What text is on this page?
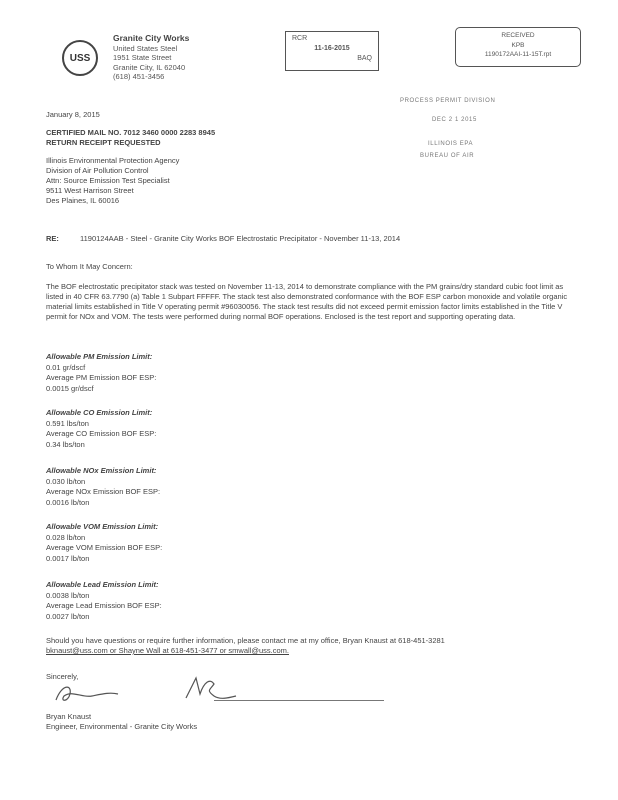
USS
Granite City Works
United States Steel
1951 State Street
Granite City, IL 62040
(618) 451-3456
RCR
11-16-2015
BAQ
RECEIVED
KPB
1190172AAI-11-15T.rpt
PROCESS PERMIT DIVISION
DEC 2 1 2015
ILLINOIS EPA
BUREAU OF AIR
January 8, 2015
CERTIFIED MAIL NO. 7012 3460 0000 2283 8945
RETURN RECEIPT REQUESTED
Illinois Environmental Protection Agency
Division of Air Pollution Control
Attn: Source Emission Test Specialist
9511 West Harrison Street
Des Plaines, IL 60016
RE:	1190124AAB - Steel - Granite City Works BOF Electrostatic Precipitator - November 11-13, 2014
To Whom It May Concern:
The BOF electrostatic precipitator stack was tested on November 11-13, 2014 to demonstrate compliance with the PM grains/dry standard cubic foot limit as listed in 40 CFR 63.7790 (a) Table 1 Subpart FFFFF. The stack test also demonstrated conformance with the BOF ESP carbon monoxide and volatile organic material limits established in Title V operating permit #96030056. The stack test results did not exceed permit emission factor limits established in the Title V permit for NOx and VOM. The tests were performed during normal BOF operations. Enclosed is the test report and supporting operating data.
Allowable PM Emission Limit:
0.01 gr/dscf
Average PM Emission BOF ESP:
0.0015 gr/dscf
Allowable CO Emission Limit:
0.591 lbs/ton
Average CO Emission BOF ESP:
0.34 lbs/ton
Allowable NOx Emission Limit:
0.030 lb/ton
Average NOx Emission BOF ESP:
0.0016 lb/ton
Allowable VOM Emission Limit:
0.028 lb/ton
Average VOM Emission BOF ESP:
0.0017 lb/ton
Allowable Lead Emission Limit:
0.0038 lb/ton
Average Lead Emission BOF ESP:
0.0027 lb/ton
Should you have questions or require further information, please contact me at my office, Bryan Knaust at 618-451-3281
bknaust@uss.com or Shayne Wall at 618-451-3477 or smwall@uss.com.
Sincerely,
Bryan Knaust
Engineer, Environmental - Granite City Works
